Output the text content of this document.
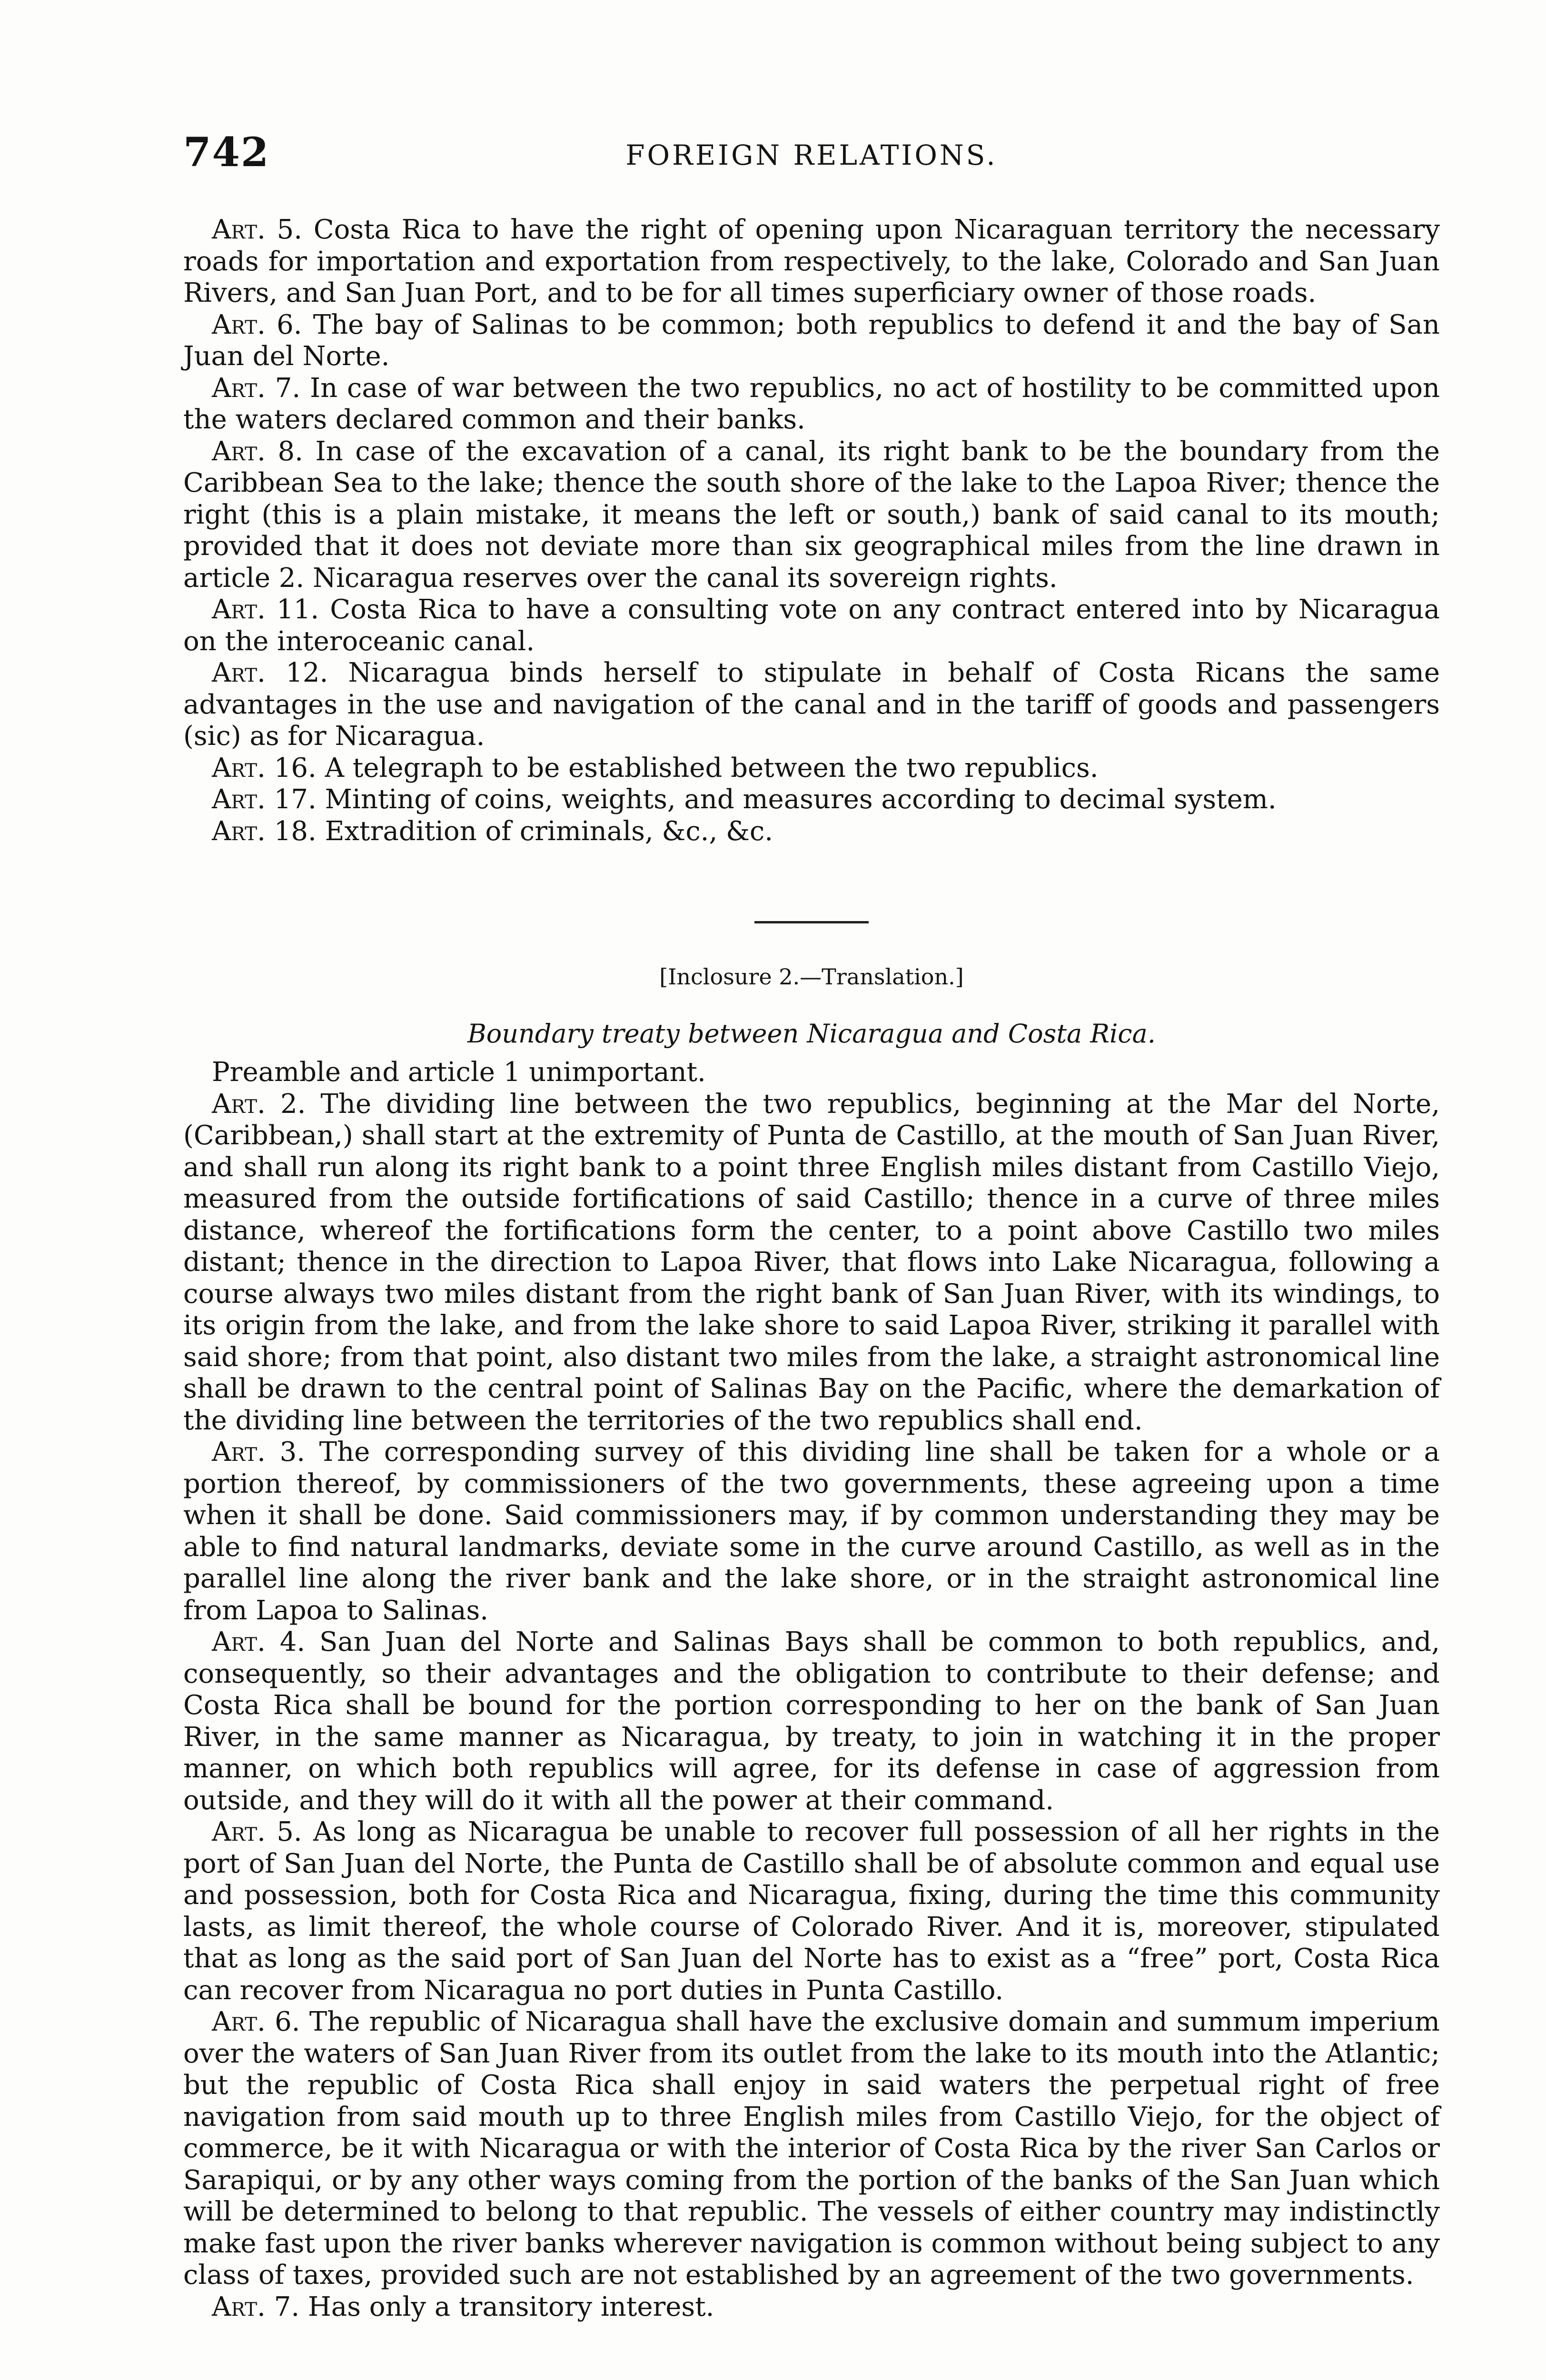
742	FOREIGN RELATIONS.

Art. 5. Costa Rica to have the right of opening upon Nicaraguan territory the necessary roads for importation and exportation from respectively, to the lake, Colorado and San Juan Rivers, and San Juan Port, and to be for all times superficiary owner of those roads.

Art. 6. The bay of Salinas to be common; both republics to defend it and the bay of San Juan del Norte.

Art. 7. In case of war between the two republics, no act of hostility to be committed upon the waters declared common and their banks.

Art. 8. In case of the excavation of a canal, its right bank to be the boundary from the Caribbean Sea to the lake; thence the south shore of the lake to the Lapoa River; thence the right (this is a plain mistake, it means the left or south,) bank of said canal to its mouth; provided that it does not deviate more than six geographical miles from the line drawn in article 2. Nicaragua reserves over the canal its sovereign rights.

Art. 11. Costa Rica to have a consulting vote on any contract entered into by Nicaragua on the interoceanic canal.

Art. 12. Nicaragua binds herself to stipulate in behalf of Costa Ricans the same advantages in the use and navigation of the canal and in the tariff of goods and passengers (sic) as for Nicaragua.

Art. 16. A telegraph to be established between the two republics.

Art. 17. Minting of coins, weights, and measures according to decimal system.

Art. 18. Extradition of criminals, &c., &c.

[Inclosure 2.—Translation.]
Boundary treaty between Nicaragua and Costa Rica.

Preamble and article 1 unimportant.

Art. 2. The dividing line between the two republics, beginning at the Mar del Norte, (Caribbean,) shall start at the extremity of Punta de Castillo, at the mouth of San Juan River, and shall run along its right bank to a point three English miles distant from Castillo Viejo, measured from the outside fortifications of said Castillo; thence in a curve of three miles distance, whereof the fortifications form the center, to a point above Castillo two miles distant; thence in the direction to Lapoa River, that flows into Lake Nicaragua, following a course always two miles distant from the right bank of San Juan River, with its windings, to its origin from the lake, and from the lake shore to said Lapoa River, striking it parallel with said shore; from that point, also distant two miles from the lake, a straight astronomical line shall be drawn to the central point of Salinas Bay on the Pacific, where the demarkation of the dividing line between the territories of the two republics shall end.

Art. 3. The corresponding survey of this dividing line shall be taken for a whole or a portion thereof, by commissioners of the two governments, these agreeing upon a time when it shall be done. Said commissioners may, if by common understanding they may be able to find natural landmarks, deviate some in the curve around Castillo, as well as in the parallel line along the river bank and the lake shore, or in the straight astronomical line from Lapoa to Salinas.

Art. 4. San Juan del Norte and Salinas Bays shall be common to both republics, and, consequently, so their advantages and the obligation to contribute to their defense; and Costa Rica shall be bound for the portion corresponding to her on the bank of San Juan River, in the same manner as Nicaragua, by treaty, to join in watching it in the proper manner, on which both republics will agree, for its defense in case of aggression from outside, and they will do it with all the power at their command.

Art. 5. As long as Nicaragua be unable to recover full possession of all her rights in the port of San Juan del Norte, the Punta de Castillo shall be of absolute common and equal use and possession, both for Costa Rica and Nicaragua, fixing, during the time this community lasts, as limit thereof, the whole course of Colorado River. And it is, moreover, stipulated that as long as the said port of San Juan del Norte has to exist as a “free” port, Costa Rica can recover from Nicaragua no port duties in Punta Castillo.

Art. 6. The republic of Nicaragua shall have the exclusive domain and summum imperium over the waters of San Juan River from its outlet from the lake to its mouth into the Atlantic; but the republic of Costa Rica shall enjoy in said waters the perpetual right of free navigation from said mouth up to three English miles from Castillo Viejo, for the object of commerce, be it with Nicaragua or with the interior of Costa Rica by the river San Carlos or Sarapiqui, or by any other ways coming from the portion of the banks of the San Juan which will be determined to belong to that republic. The vessels of either country may indistinctly make fast upon the river banks wherever navigation is common without being subject to any class of taxes, provided such are not established by an agreement of the two governments.

Art. 7. Has only a transitory interest.
